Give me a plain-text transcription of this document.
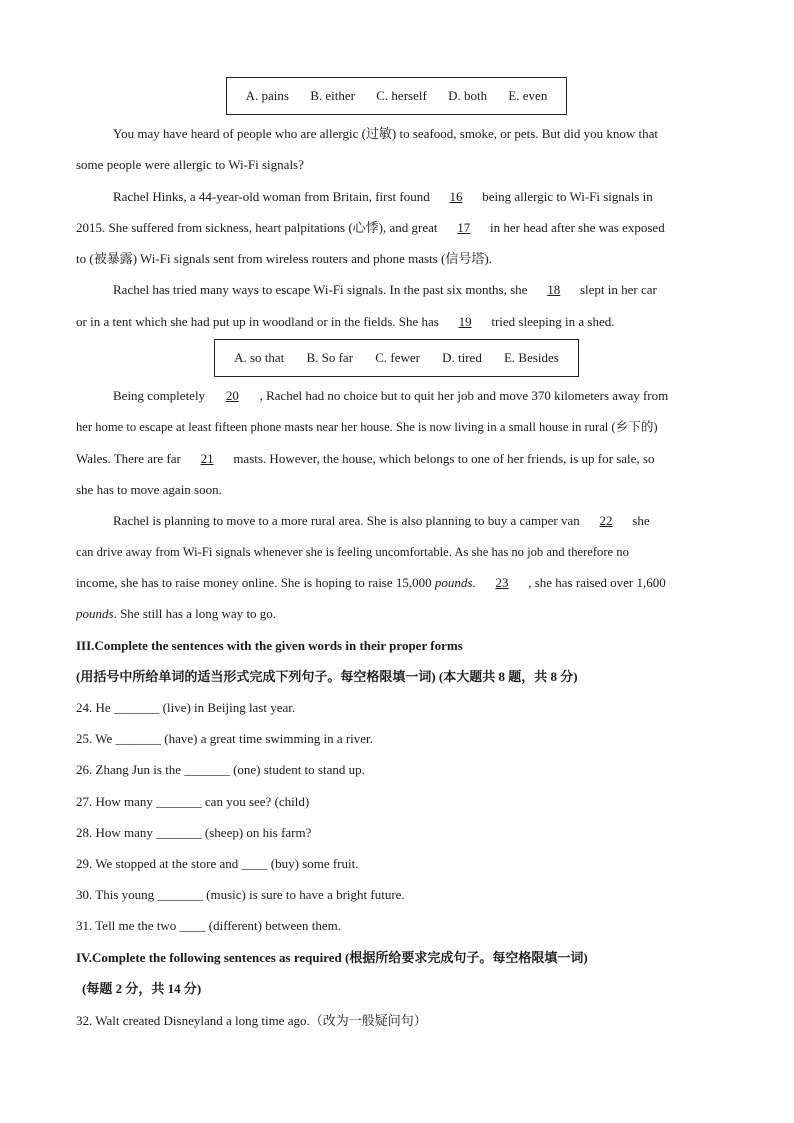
A. pains B. either C. herself D. both E. even

You may have heard of people who are allergic (过敏) to seafood, smoke, or pets. But did you know that

some people were allergic to Wi-Fi signals?

Rachel Hinks, a 44-year-old woman from Britain, first found 16 being allergic to Wi-Fi signals in

2015. She suffered from sickness, heart palpitations (心悸), and great 17 in her head after she was exposed

to (被暴露) Wi-Fi signals sent from wireless routers and phone masts (信号塔).

Rachel has tried many ways to escape Wi-Fi signals. In the past six months, she 18 slept in her car

or in a tent which she had put up in woodland or in the fields. She has 19 tried sleeping in a shed.

A. so that B. So far C. fewer D. tired E. Besides

Being completely 20 , Rachel had no choice but to quit her job and move 370 kilometers away from

her home to escape at least fifteen phone masts near her house. She is now living in a small house in rural (乡下的)

Wales. There are far 21 masts. However, the house, which belongs to one of her friends, is up for sale, so

she has to move again soon.

Rachel is planning to move to a more rural area. She is also planning to buy a camper van 22 she

can drive away from Wi-Fi signals whenever she is feeling uncomfortable. As she has no job and therefore no

income, she has to raise money online. She is hoping to raise 15,000 pounds. 23 , she has raised over 1,600

pounds. She still has a long way to go.

III.Complete the sentences with the given words in their proper forms

(用括号中所给单词的适当形式完成下列句子。每空格限填一词) (本大题共 8 题，共 8 分)

24. He _______ (live) in Beijing last year.

25. We _______ (have) a great time swimming in a river.

26. Zhang Jun is the _______ (one) student to stand up.

27. How many _______ can you see? (child)

28. How many _______ (sheep) on his farm?

29. We stopped at the store and ____ (buy) some fruit.

30. This young _______ (music) is sure to have a bright future.

31. Tell me the two ____ (different) between them.

IV.Complete the following sentences as required (根据所给要求完成句子。每空格限填一词)

(每题 2 分，共 14 分)

32. Walt created Disneyland a long time ago.（改为一般疑问句）
